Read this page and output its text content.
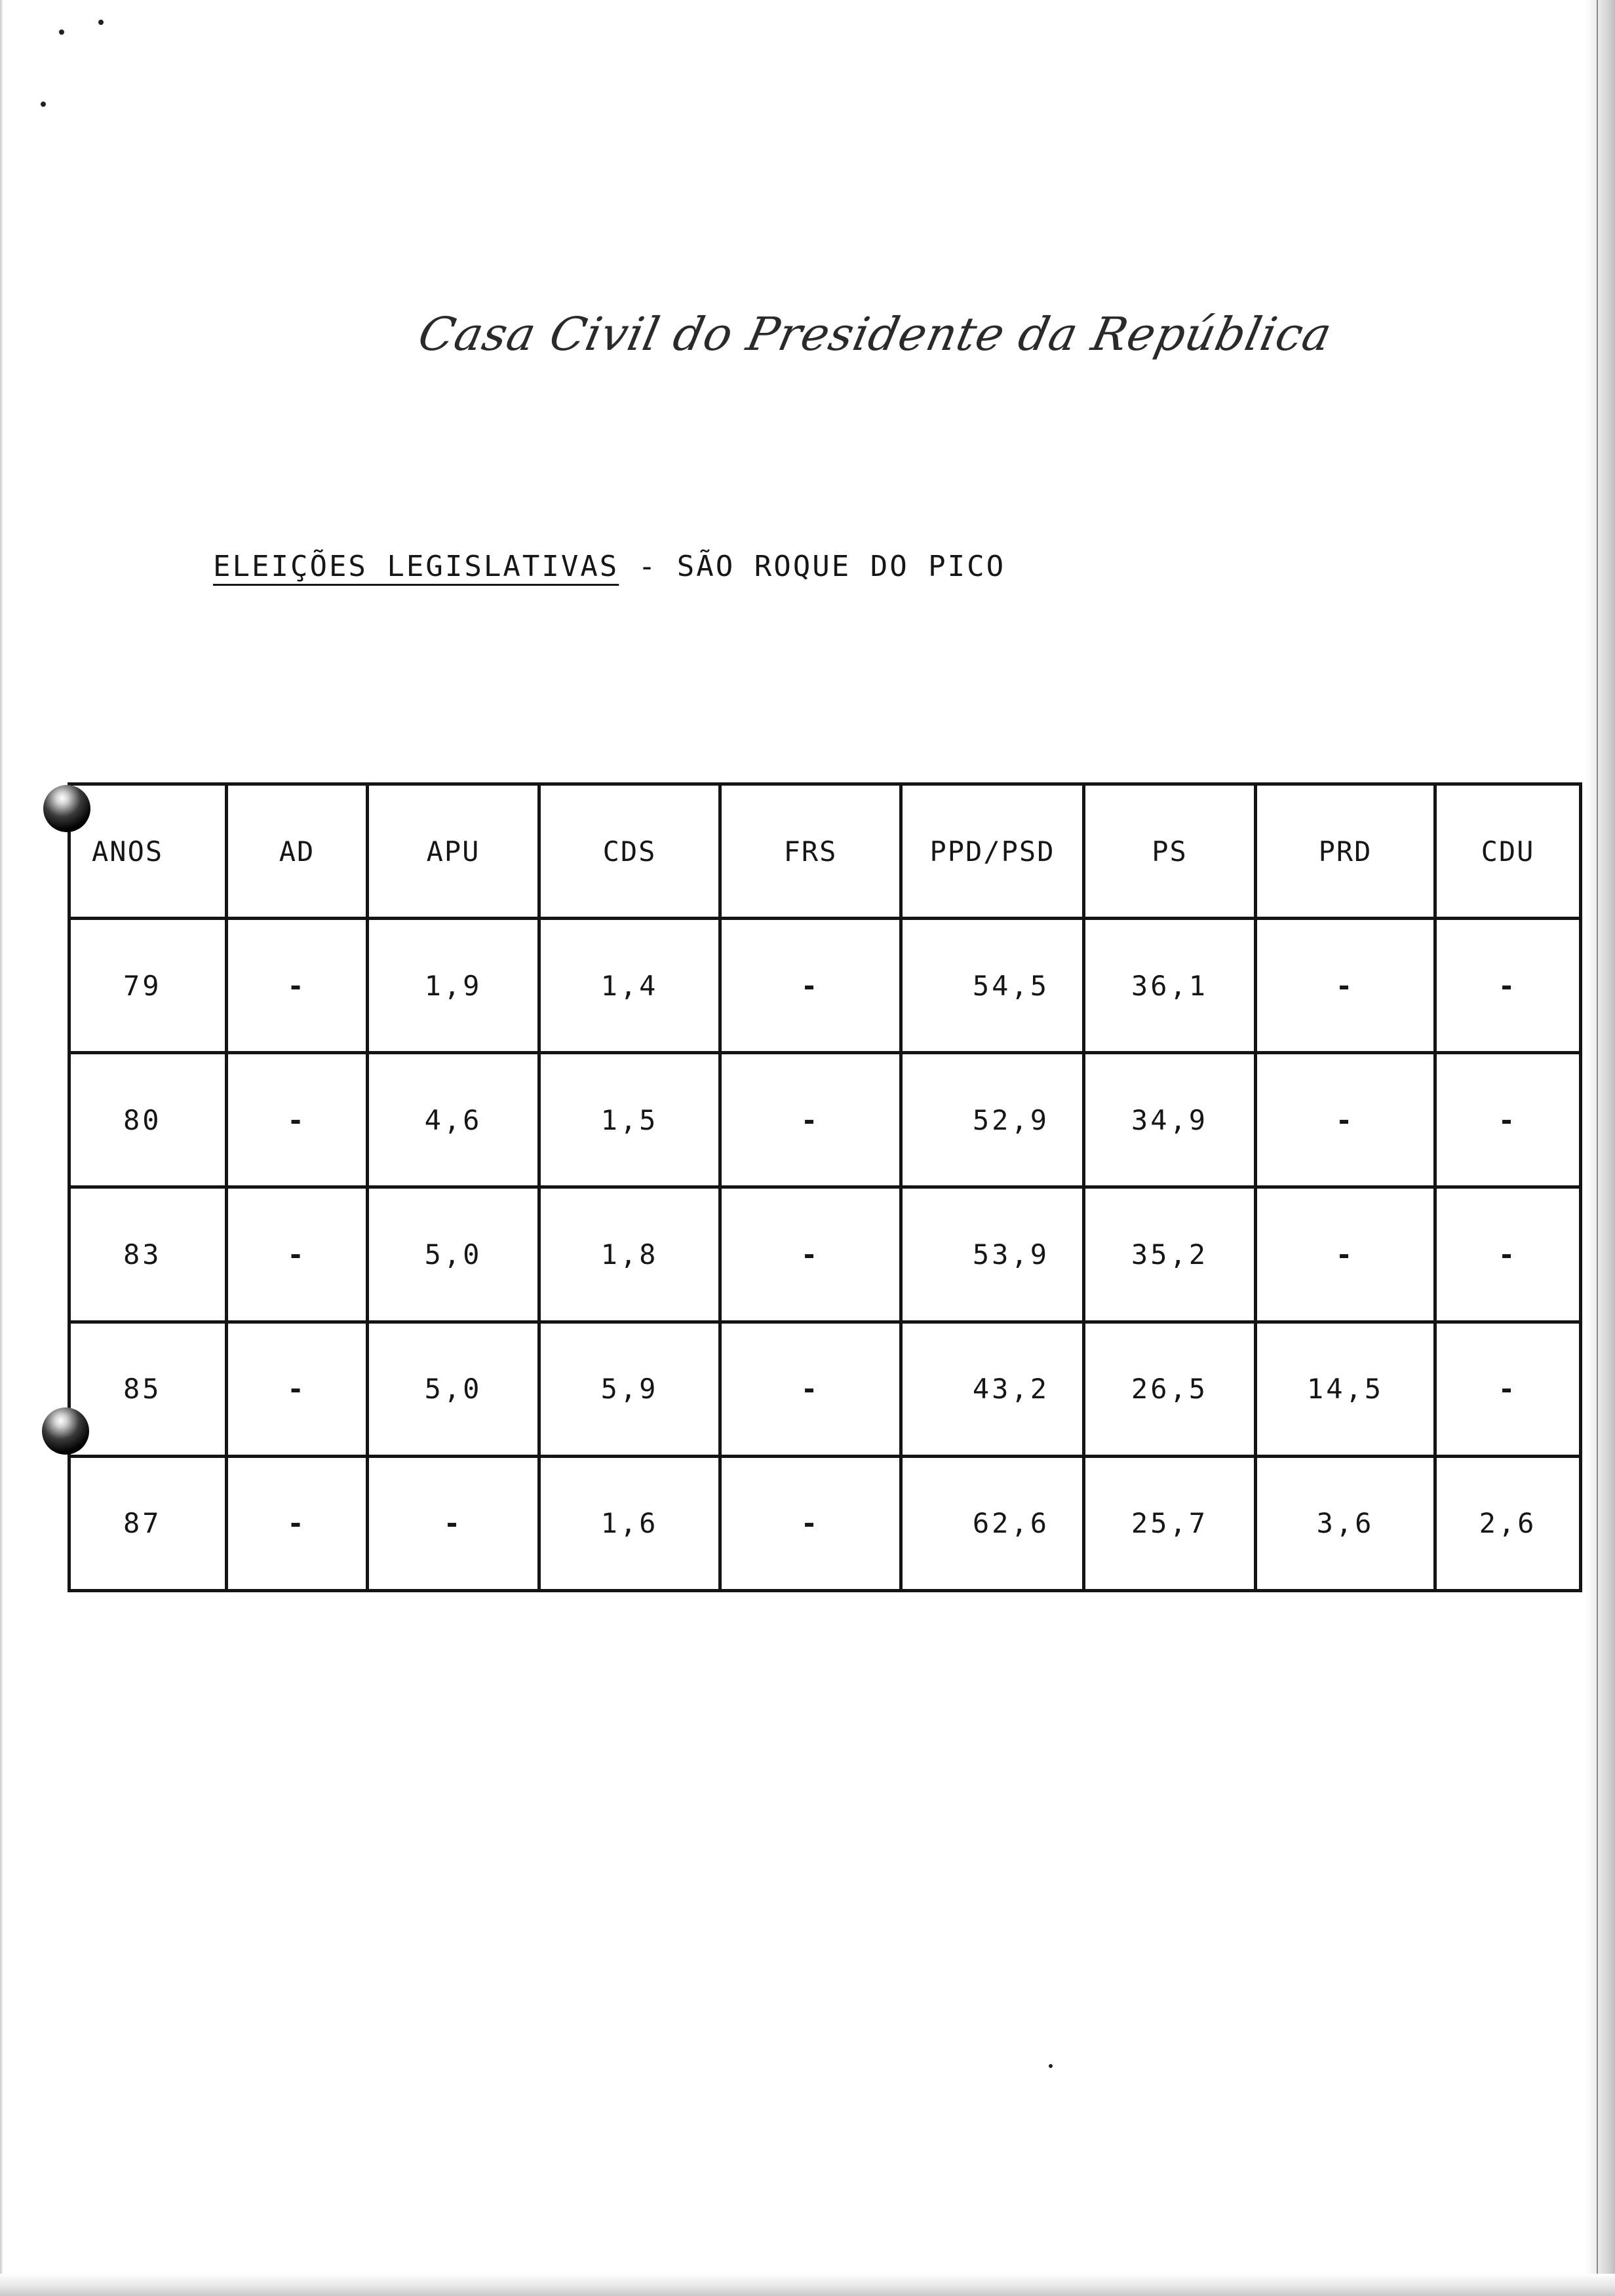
Casa Civil do Presidente da República
ELEIÇÕES LEGISLATIVAS - SÃO ROQUE DO PICO
ANOS	AD	APU	CDS	FRS	PPD/PSD	PS	PRD	CDU
79	-	1,9	1,4	-	54,5	36,1	-	-
80	-	4,6	1,5	-	52,9	34,9	-	-
83	-	5,0	1,8	-	53,9	35,2	-	-
85	-	5,0	5,9	-	43,2	26,5	14,5	-
87	-	-	1,6	-	62,6	25,7	3,6	2,6
